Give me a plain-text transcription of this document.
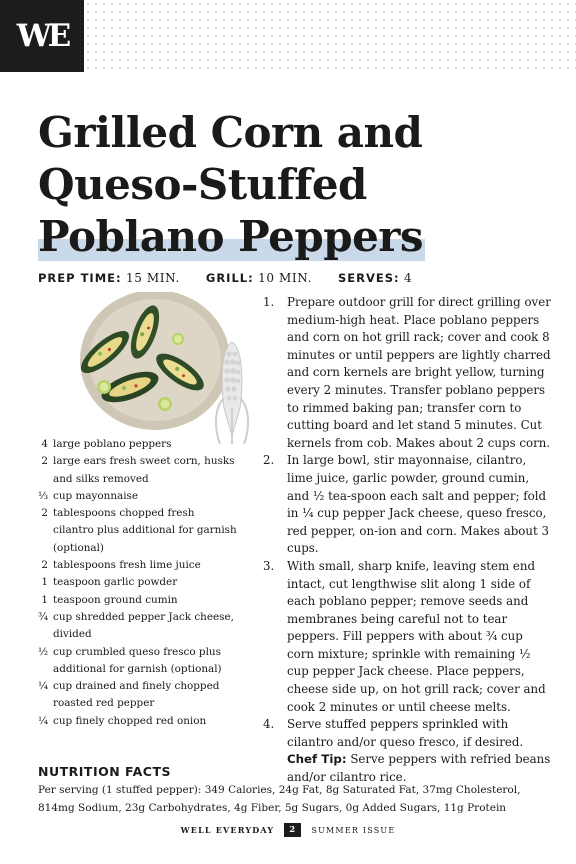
WE
Grilled Corn and
Queso-Stuffed
Poblano Peppers
PREP TIME: 15 MIN. GRILL: 10 MIN. SERVES: 4
4 large poblano peppers
2 large ears fresh sweet corn, husks and silks removed
⅓ cup mayonnaise
2 tablespoons chopped fresh cilantro plus additional for garnish (optional)
2 tablespoons fresh lime juice
1 teaspoon garlic powder
1 teaspoon ground cumin
¾ cup shredded pepper Jack cheese, divided
½ cup crumbled queso fresco plus additional for garnish (optional)
¼ cup drained and finely chopped roasted red pepper
¼ cup finely chopped red onion
1.	Prepare outdoor grill for direct grilling over medium-high heat. Place poblano peppers and corn on hot grill rack; cover and cook 8 minutes or until peppers are lightly charred and corn kernels are bright yellow, turning every 2 minutes. Transfer poblano peppers to rimmed baking pan; transfer corn to cutting board and let stand 5 minutes. Cut kernels from cob. Makes about 2 cups corn.
2.	In large bowl, stir mayonnaise, cilantro, lime juice, garlic powder, ground cumin, and ½ tea-spoon each salt and pepper; fold in ¼ cup pepper Jack cheese, queso fresco, red pepper, on-ion and corn. Makes about 3 cups.
3.	With small, sharp knife, leaving stem end intact, cut lengthwise slit along 1 side of each poblano pepper; remove seeds and membranes being careful not to tear peppers. Fill peppers with about ¾ cup corn mixture; sprinkle with remaining ½ cup pepper Jack cheese. Place peppers, cheese side up, on hot grill rack; cover and cook 2 minutes or until cheese melts.
4.	Serve stuffed peppers sprinkled with cilantro and/or queso fresco, if desired.
Chef Tip: Serve peppers with refried beans and/or cilantro rice.
NUTRITION FACTS
Per serving (1 stuffed pepper): 349 Calories, 24g Fat, 8g Saturated Fat, 37mg Cholesterol, 814mg Sodium, 23g Carbohydrates, 4g Fiber, 5g Sugars, 0g Added Sugars, 11g Protein
WELL EVERYDAY	2	SUMMER ISSUE
